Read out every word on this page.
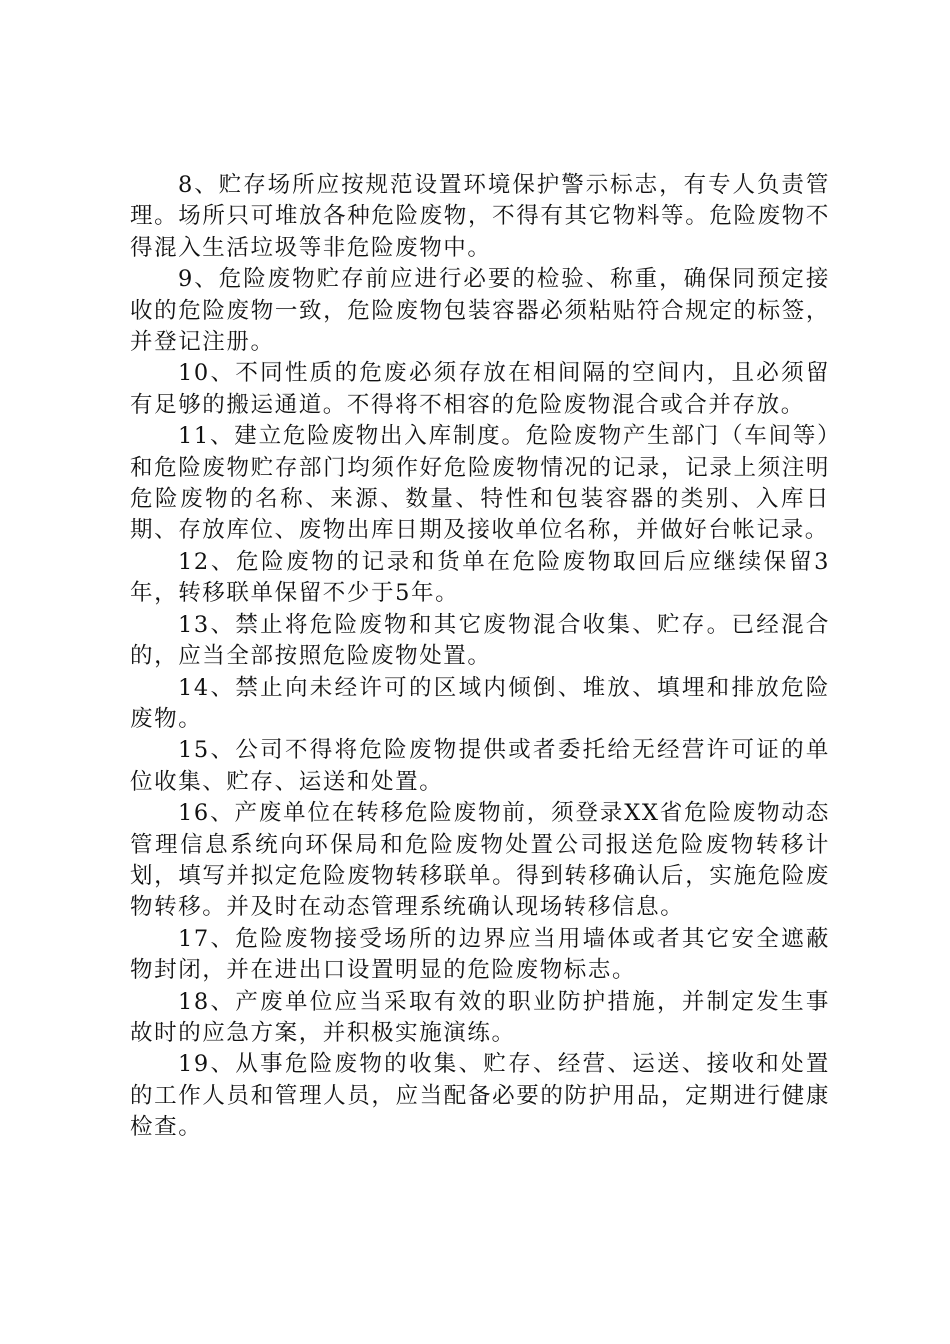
8、贮存场所应按规范设置环境保护警示标志，有专人负责管理。场所只可堆放各种危险废物，不得有其它物料等。危险废物不得混入生活垃圾等非危险废物中。

9、危险废物贮存前应进行必要的检验、称重，确保同预定接收的危险废物一致，危险废物包装容器必须粘贴符合规定的标签，并登记注册。

10、不同性质的危废必须存放在相间隔的空间内，且必须留有足够的搬运通道。不得将不相容的危险废物混合或合并存放。

11、建立危险废物出入库制度。危险废物产生部门（车间等）和危险废物贮存部门均须作好危险废物情况的记录，记录上须注明危险废物的名称、来源、数量、特性和包装容器的类别、入库日期、存放库位、废物出库日期及接收单位名称，并做好台帐记录。

12、危险废物的记录和货单在危险废物取回后应继续保留3年，转移联单保留不少于5年。

13、禁止将危险废物和其它废物混合收集、贮存。已经混合的，应当全部按照危险废物处置。

14、禁止向未经许可的区域内倾倒、堆放、填埋和排放危险废物。

15、公司不得将危险废物提供或者委托给无经营许可证的单位收集、贮存、运送和处置。

16、产废单位在转移危险废物前，须登录XX省危险废物动态管理信息系统向环保局和危险废物处置公司报送危险废物转移计划，填写并拟定危险废物转移联单。得到转移确认后，实施危险废物转移。并及时在动态管理系统确认现场转移信息。

17、危险废物接受场所的边界应当用墙体或者其它安全遮蔽物封闭，并在进出口设置明显的危险废物标志。

18、产废单位应当采取有效的职业防护措施，并制定发生事故时的应急方案，并积极实施演练。

19、从事危险废物的收集、贮存、经营、运送、接收和处置的工作人员和管理人员，应当配备必要的防护用品，定期进行健康检查。
